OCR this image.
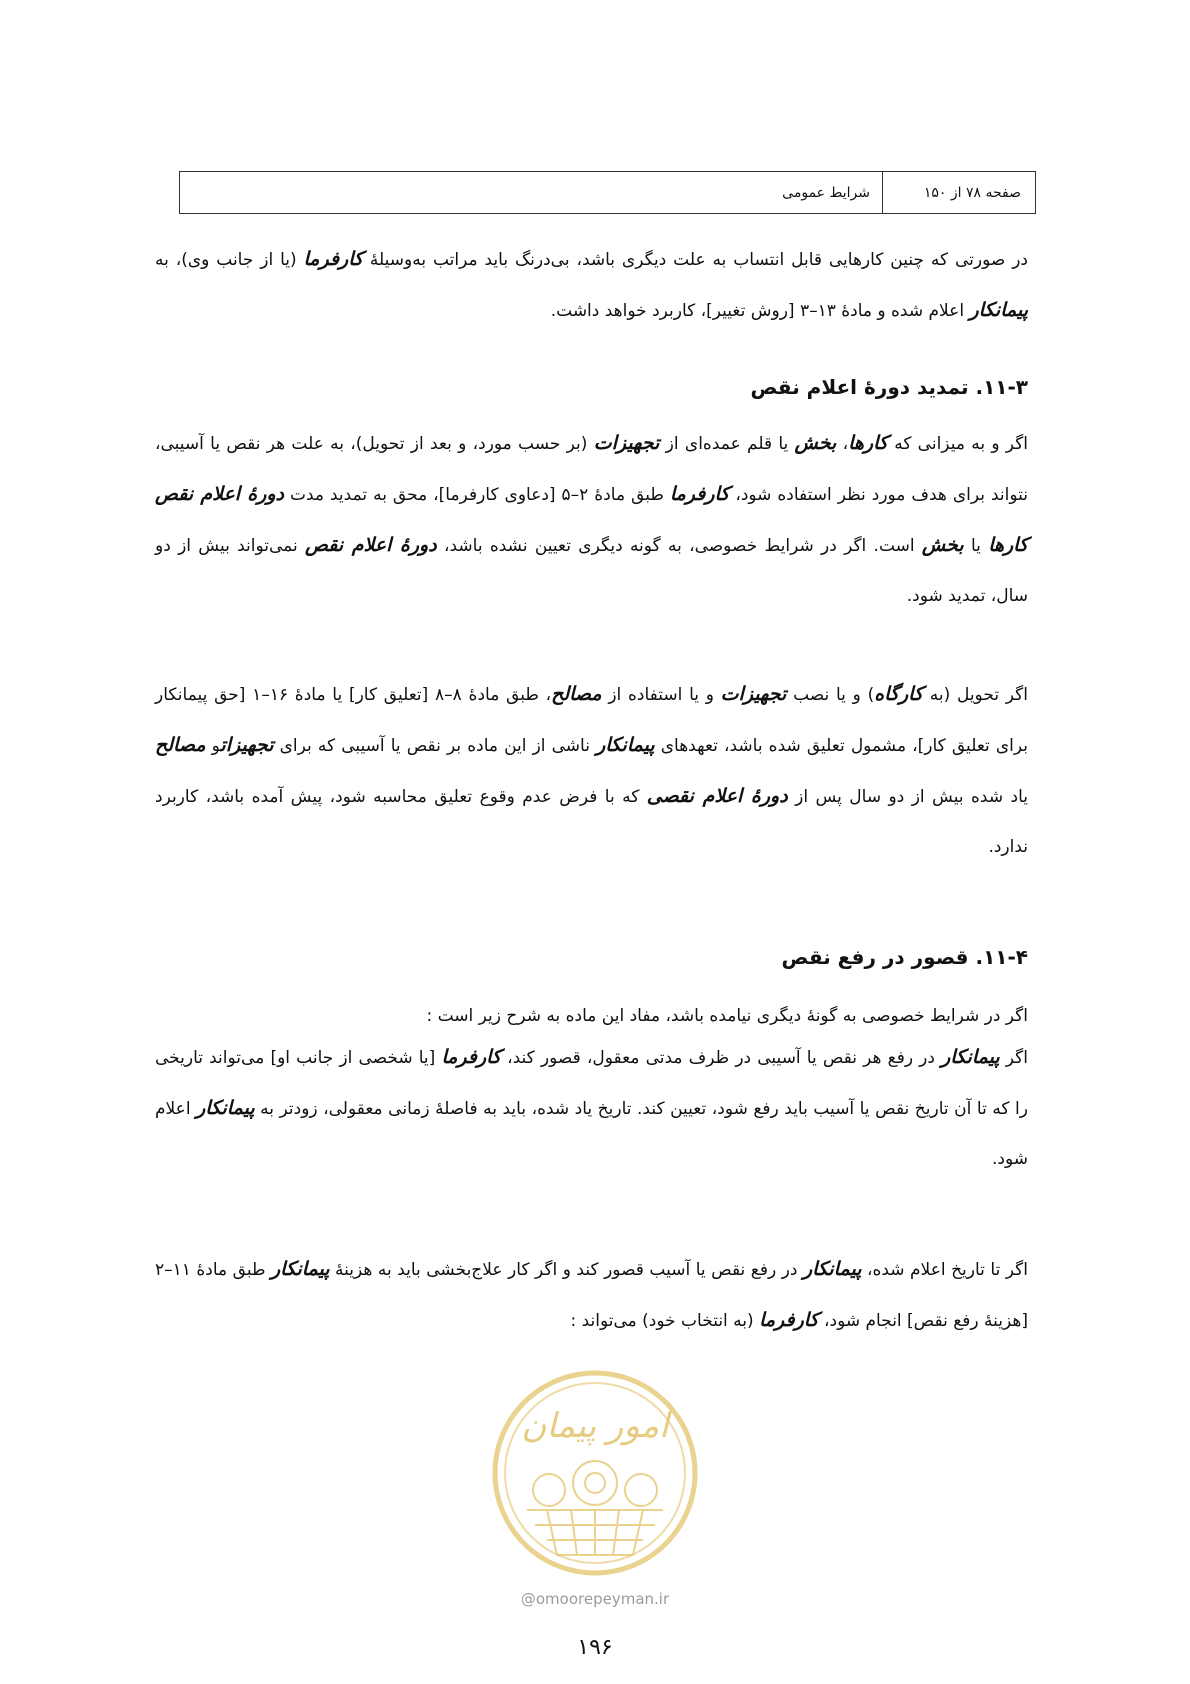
صفحه ۷۸ از ۱۵۰
شرایط عمومی

در صورتی که چنین کارهایی قابل انتساب به علت دیگری باشد، بی‌درنگ باید مراتب به‌وسیلهٔ کارفرما (یا از جانب وی)، به پیمانکار اعلام شده و مادهٔ ۱۳–۳ [روش تغییر]، کاربرد خواهد داشت.

۱۱-۳. تمدید دورهٔ اعلام نقص

اگر و به میزانی که کارها، بخش یا قلم عمده‌ای از تجهیزات (بر حسب مورد، و بعد از تحویل)، به علت هر نقص یا آسیبی، نتواند برای هدف مورد نظر استفاده شود، کارفرما طبق مادهٔ ۲–۵ [دعاوی کارفرما]، محق به تمدید مدت دورهٔ اعلام نقص کارها یا بخش است. اگر در شرایط خصوصی، به گونه دیگری تعیین نشده باشد، دورهٔ اعلام نقص نمی‌تواند بیش از دو سال، تمدید شود.

اگر تحویل (به کارگاه) و یا نصب تجهیزات و یا استفاده از مصالح، طبق مادهٔ ۸–۸ [تعلیق کار] یا مادهٔ ۱۶–۱ [حق پیمانکار برای تعلیق کار]، مشمول تعلیق شده باشد، تعهدهای پیمانکار ناشی از این ماده بر نقص یا آسیبی که برای تجهیزاتو مصالح یاد شده بیش از دو سال پس از دورهٔ اعلام نقصی که با فرض عدم وقوع تعلیق محاسبه شود، پیش آمده باشد، کاربرد ندارد.

۱۱-۴. قصور در رفع نقص

اگر در شرایط خصوصی به گونهٔ دیگری نیامده باشد، مفاد این ماده به شرح زیر است :

اگر پیمانکار در رفع هر نقص یا آسیبی در ظرف مدتی معقول، قصور کند، کارفرما [یا شخصی از جانب او] می‌تواند تاریخی را که تا آن تاریخ نقص یا آسیب باید رفع شود، تعیین کند. تاریخ یاد شده، باید به فاصلهٔ زمانی معقولی، زودتر به پیمانکار اعلام شود.

اگر تا تاریخ اعلام شده، پیمانکار در رفع نقص یا آسیب قصور کند و اگر کار علاج‌بخشی باید به هزینهٔ پیمانکار طبق مادهٔ ۱۱–۲ [هزینهٔ رفع نقص] انجام شود، کارفرما (به انتخاب خود) می‌تواند :

امور پیمان
@omoorepeyman.ir
۱۹۶
